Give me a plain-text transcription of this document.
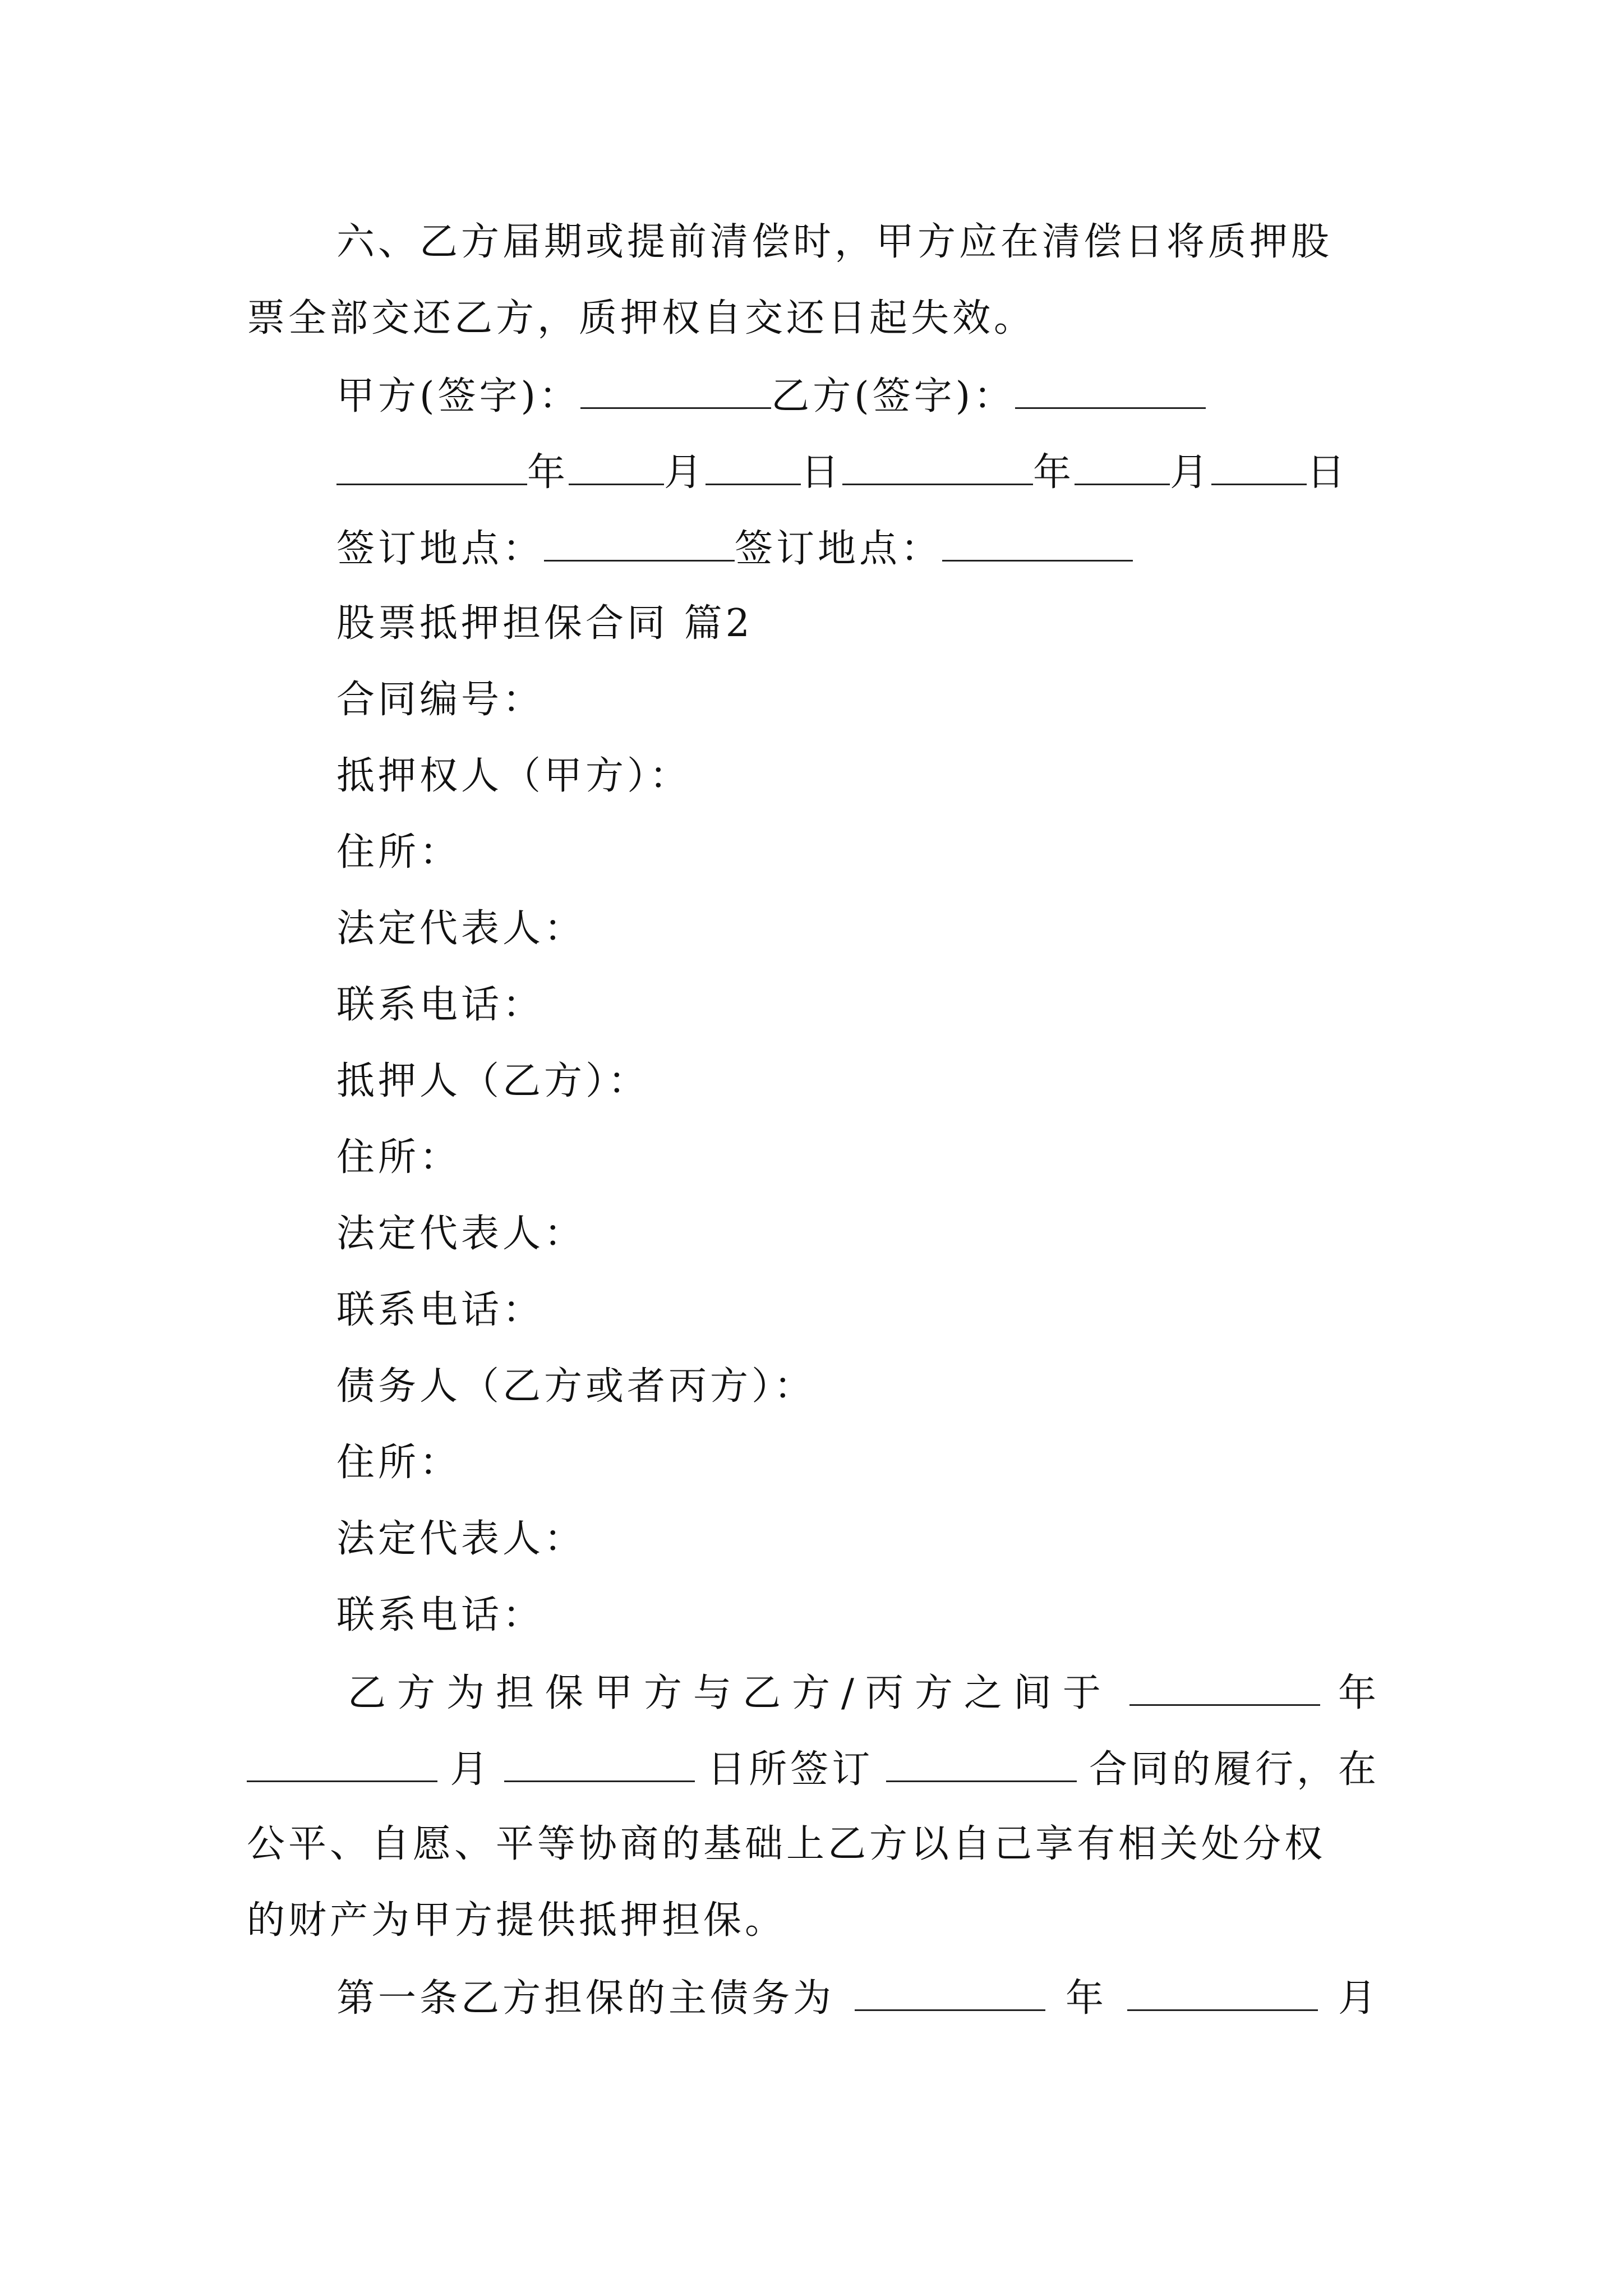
六、乙方届期或提前清偿时，甲方应在清偿日将质押股
票全部交还乙方，质押权自交还日起失效。
甲方(签字)：	乙方(签字)：
年	月	日	年	月	日
签订地点：	签订地点：
股票抵押担保合同 篇2
合同编号：
抵押权人（甲方）：
住所：
法定代表人：
联系电话：
抵押人（乙方）：
住所：
法定代表人：
联系电话：
债务人（乙方或者丙方）：
住所：
法定代表人：
联系电话：
乙方为担保甲方与乙方/丙方之间于	年
月	日所签订	合同的履行，在
公平、自愿、平等协商的基础上乙方以自己享有相关处分权
的财产为甲方提供抵押担保。
第一条乙方担保的主债务为	年	月
